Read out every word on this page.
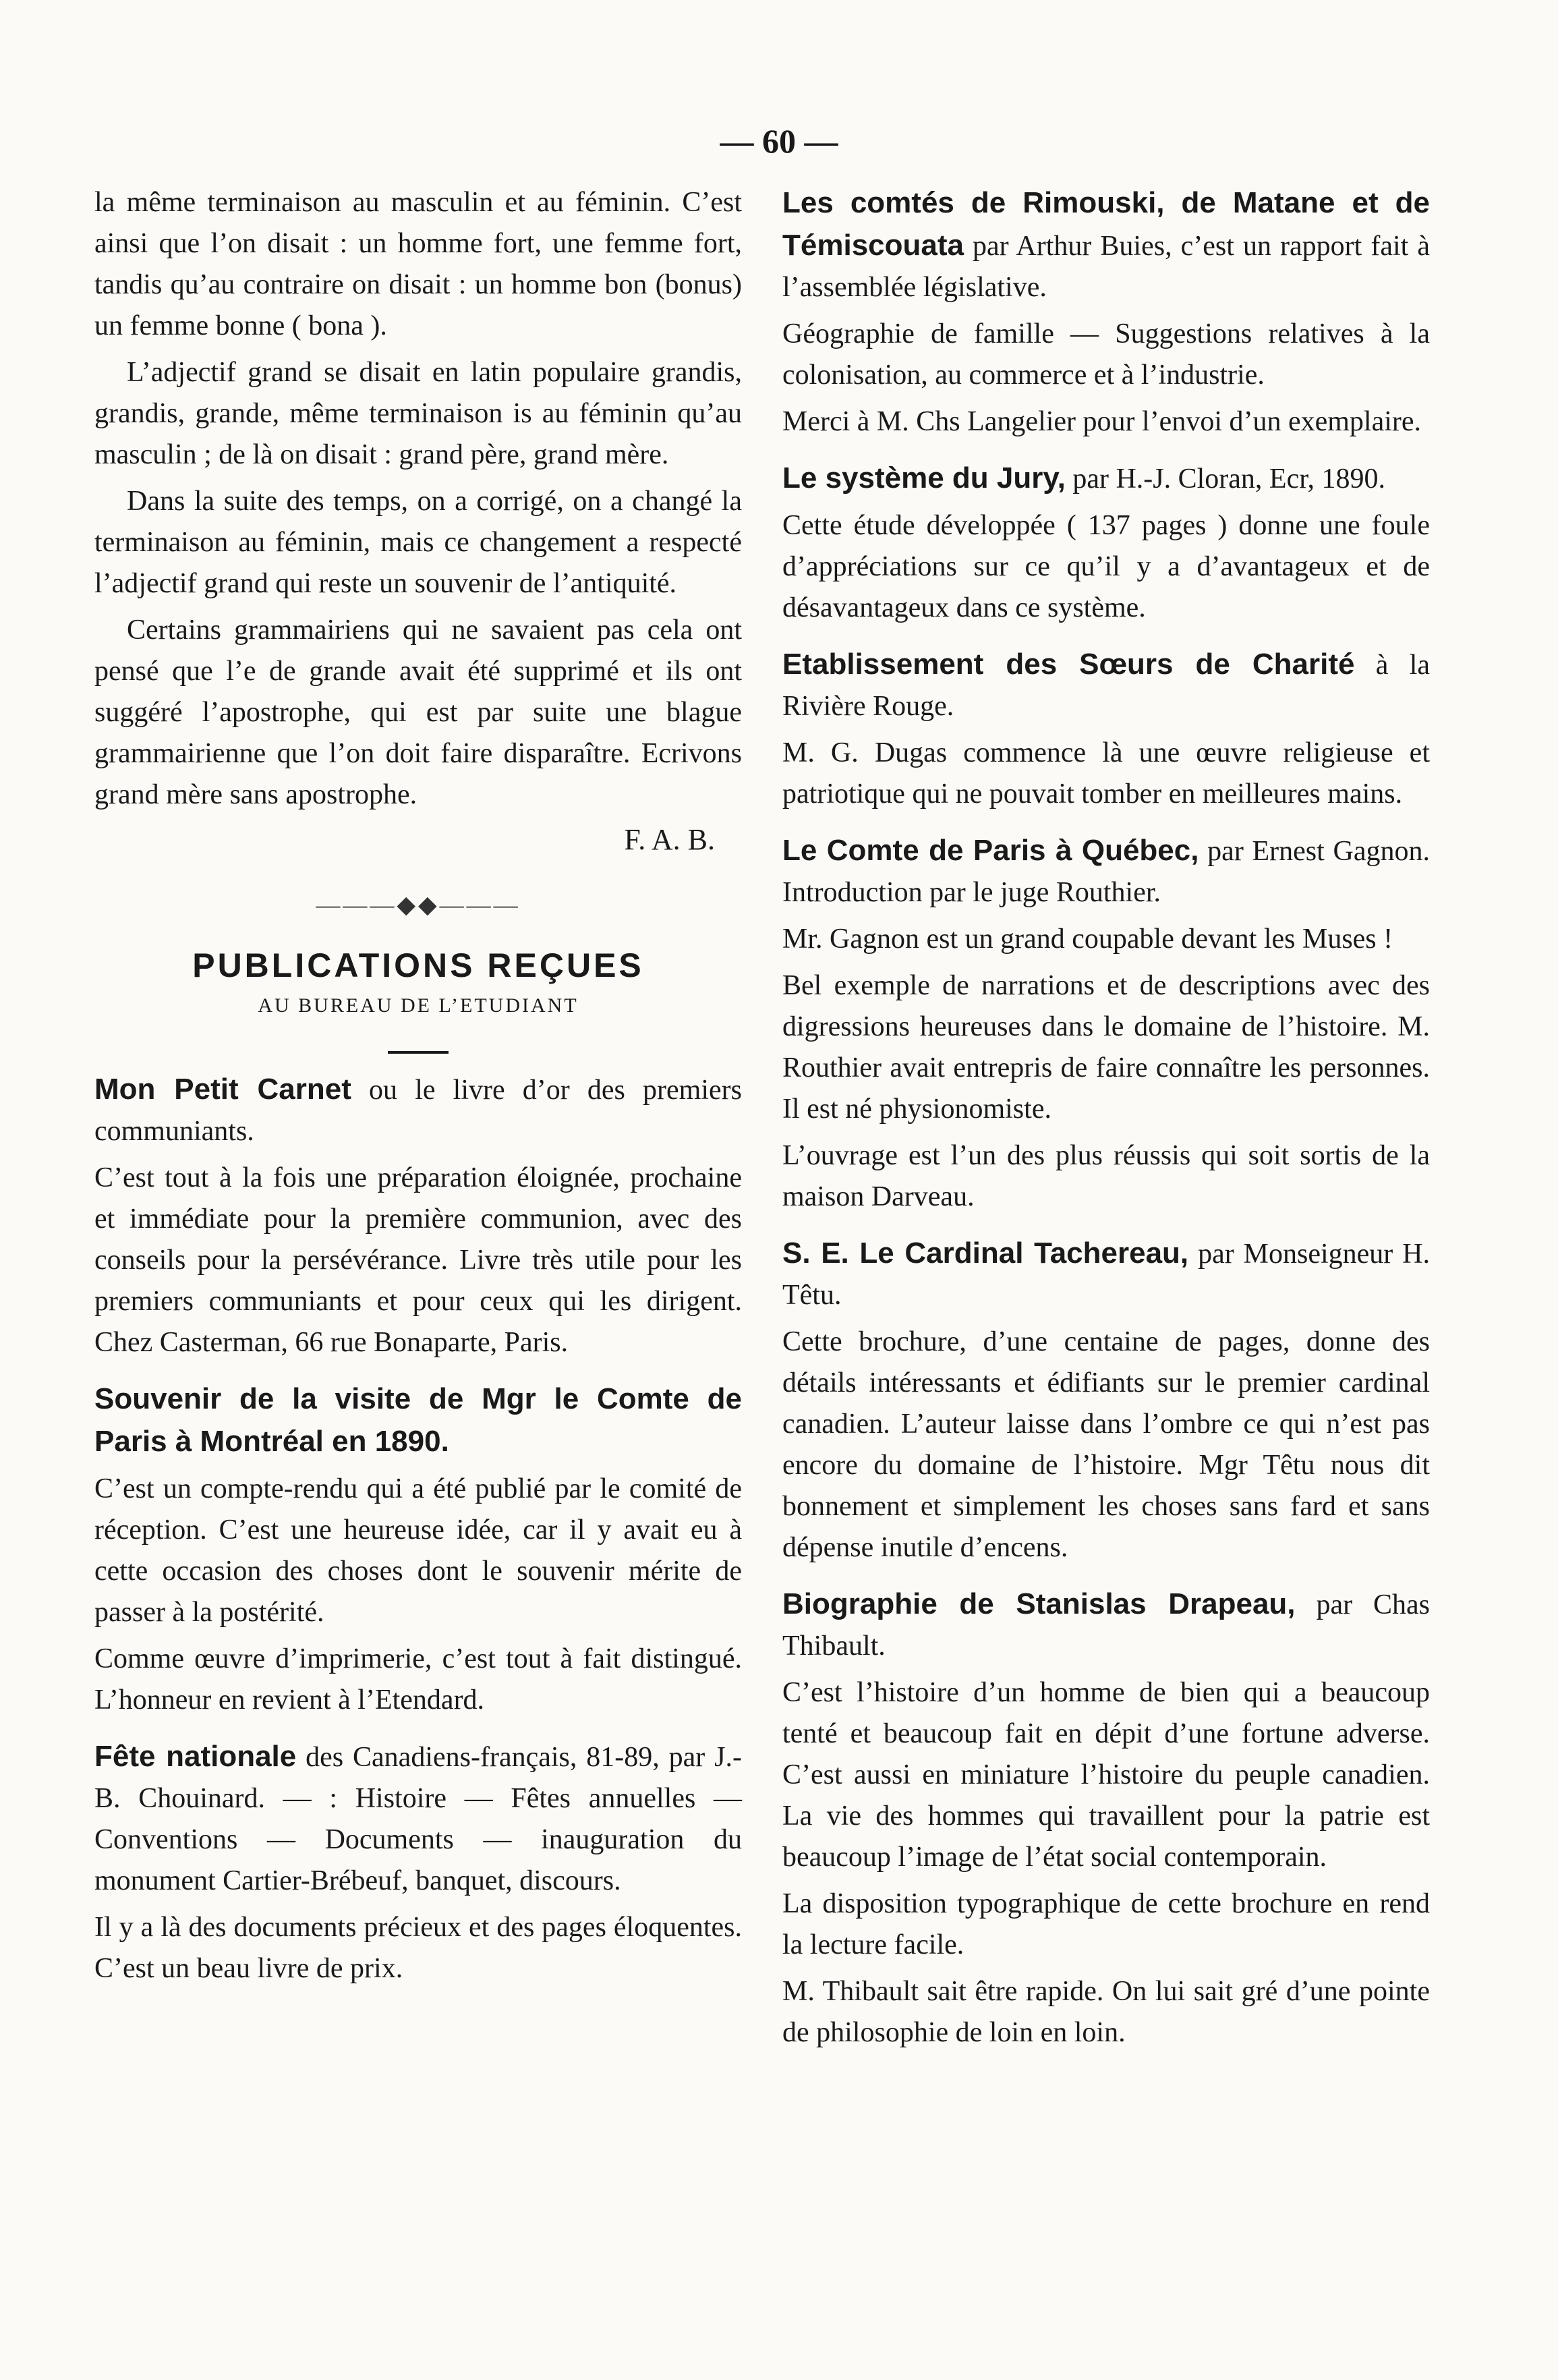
— 60 —

la même terminaison au masculin et au féminin. C’est ainsi que l’on disait : un homme fort, une femme fort, tandis qu’au contraire on disait : un homme bon (bonus) un femme bonne ( bona ).

L’adjectif grand se disait en latin populaire grandis, grandis, grande, même terminaison is au féminin qu’au masculin ; de là on disait : grand père, grand mère.

Dans la suite des temps, on a corrigé, on a changé la terminaison au féminin, mais ce changement a respecté l’adjectif grand qui reste un souvenir de l’antiquité.

Certains grammairiens qui ne savaient pas cela ont pensé que l’e de grande avait été supprimé et ils ont suggéré l’apostrophe, qui est par suite une blague grammairienne que l’on doit faire disparaître. Ecrivons grand mère sans apostrophe.

F. A. B.
———◆◆———
PUBLICATIONS REÇUES
AU BUREAU DE L’ETUDIANT

Mon Petit Carnet ou le livre d’or des premiers communiants.

C’est tout à la fois une préparation éloignée, prochaine et immédiate pour la première communion, avec des conseils pour la persévérance. Livre très utile pour les premiers communiants et pour ceux qui les dirigent. Chez Casterman, 66 rue Bonaparte, Paris.

Souvenir de la visite de Mgr le Comte de Paris à Montréal en 1890.

C’est un compte-rendu qui a été publié par le comité de réception. C’est une heureuse idée, car il y avait eu à cette occasion des choses dont le souvenir mérite de passer à la postérité.

Comme œuvre d’imprimerie, c’est tout à fait distingué. L’honneur en revient à l’Etendard.

Fête nationale des Canadiens-français, 81-89, par J.-B. Chouinard. — : Histoire — Fêtes annuelles — Conventions — Documents — inauguration du monument Cartier-Brébeuf, banquet, discours.

Il y a là des documents précieux et des pages éloquentes. C’est un beau livre de prix.

Les comtés de Rimouski, de Matane et de Témiscouata par Arthur Buies, c’est un rapport fait à l’assemblée législative.

Géographie de famille — Suggestions relatives à la colonisation, au commerce et à l’industrie.

Merci à M. Chs Langelier pour l’envoi d’un exemplaire.

Le système du Jury, par H.-J. Cloran, Ecr, 1890.

Cette étude développée ( 137 pages ) donne une foule d’appréciations sur ce qu’il y a d’avantageux et de désavantageux dans ce système.

Etablissement des Sœurs de Charité à la Rivière Rouge.

M. G. Dugas commence là une œuvre religieuse et patriotique qui ne pouvait tomber en meilleures mains.

Le Comte de Paris à Québec, par Ernest Gagnon. Introduction par le juge Routhier.

Mr. Gagnon est un grand coupable devant les Muses !

Bel exemple de narrations et de descriptions avec des digressions heureuses dans le domaine de l’histoire. M. Routhier avait entrepris de faire connaître les personnes. Il est né physionomiste.

L’ouvrage est l’un des plus réussis qui soit sortis de la maison Darveau.

S. E. Le Cardinal Tachereau, par Monseigneur H. Têtu.

Cette brochure, d’une centaine de pages, donne des détails intéressants et édifiants sur le premier cardinal canadien. L’auteur laisse dans l’ombre ce qui n’est pas encore du domaine de l’histoire. Mgr Têtu nous dit bonnement et simplement les choses sans fard et sans dépense inutile d’encens.

Biographie de Stanislas Drapeau, par Chas Thibault.

C’est l’histoire d’un homme de bien qui a beaucoup tenté et beaucoup fait en dépit d’une fortune adverse. C’est aussi en miniature l’histoire du peuple canadien. La vie des hommes qui travaillent pour la patrie est beaucoup l’image de l’état social contemporain.

La disposition typographique de cette brochure en rend la lecture facile.

M. Thibault sait être rapide. On lui sait gré d’une pointe de philosophie de loin en loin.
